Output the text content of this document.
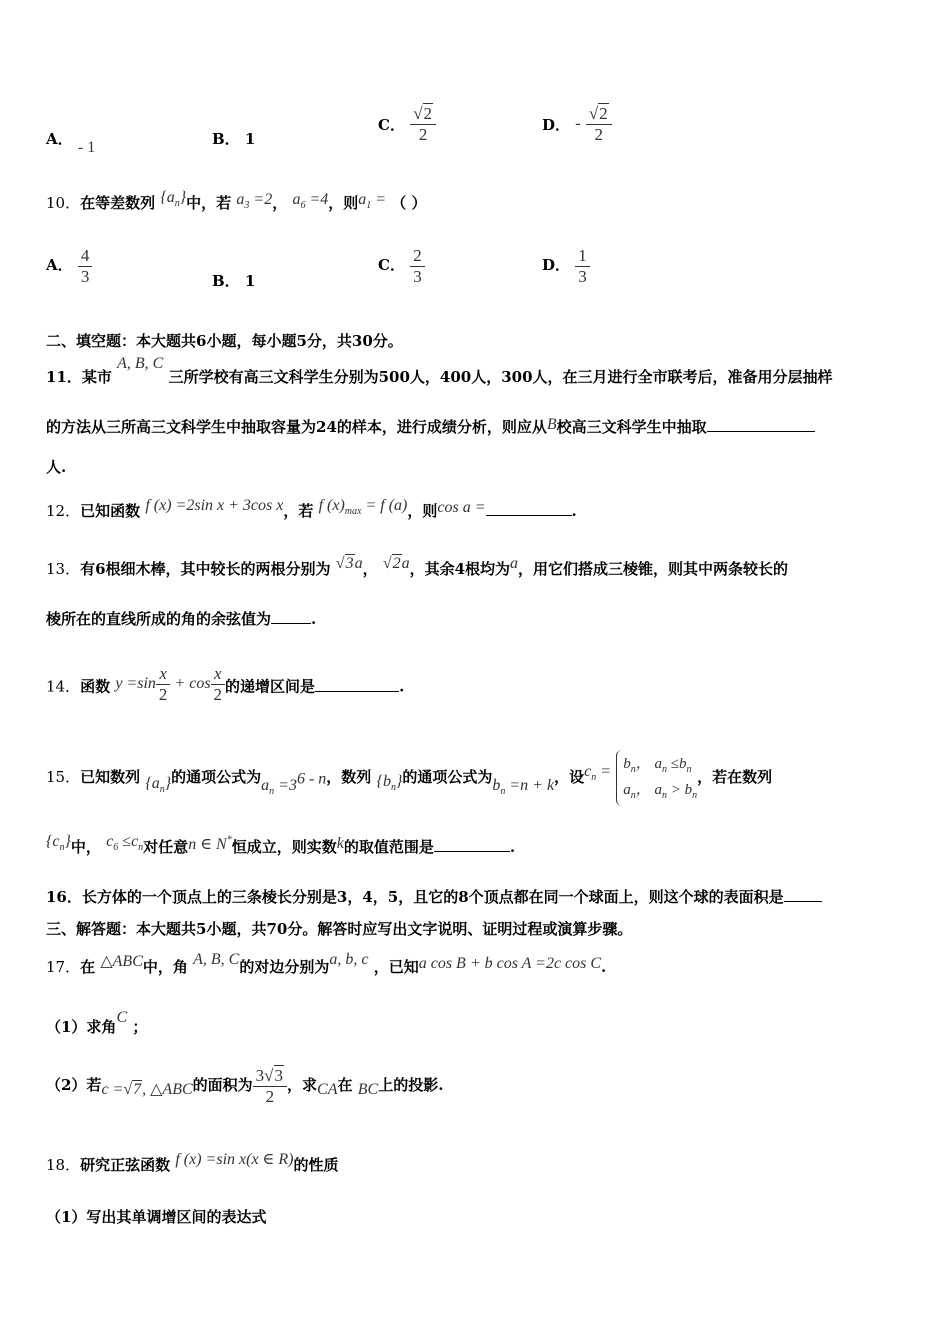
A． - 1	B． 1
C． $\frac{√2}{2}$	D． - $\frac{√2}{2}$
10．在等差数列 $\{a_n\}$中，若 $a_3 =2$， $a_6 =4$，则$a_1$ = （ ）
A． $\frac{4}{3}$	B． 1
C． $\frac{2}{3}$	D． $\frac{1}{3}$
二、填空题：本大题共6小题，每小题5分，共30分。
11．某市 A, B, C 三所学校有高三文科学生分别为500人，400人，300人，在三月进行全市联考后，准备用分层抽样
的方法从三所高三文科学生中抽取容量为24的样本，进行成绩分析，则应从B校高三文科学生中抽取
人.
12．已知函数 f (x) =2sin x + 3cos x，若 f $(x)_{max} = f$ (a)，则cos a =	.
13．有6根细木棒，其中较长的两根分别为 √3a， √2a，其余4根均为a，用它们搭成三棱锥，则其中两条较长的
棱所在的直线所成的角的余弦值为	.
14．函数 $y =\sin \frac{x}{2} + \cos \frac{x}{2}$ 的递增区间是	.
15．已知数列 $\{a_n\}$的通项公式为$a_n =3^{6 - n}$，数列 $\{b_n\}$的通项公式为$b_n =n + k$，设$c_n = b_n$， $a_n \le b_n$
$a_n$， $a_n > b_n$
，若在数列
$\{c_n\}$中， $c_6 \le c_n$对任意n ∈ N*恒成立，则实数k的取值范围是	.
16．长方体的一个顶点上的三条棱长分别是3，4，5，且它的8个顶点都在同一个球面上，则这个球的表面积是
三、解答题：本大题共5小题，共70分。解答时应写出文字说明、证明过程或演算步骤。
17．在 △ABC中，角 A, B, C的对边分别为a, b, c ，已知a cos B + b cos A =2c cos C.
（1）求角C ；
（2）若c =√7, △ABC的面积为 $\frac{3√3}{2}$ ，求CA在 BC上的投影.
18．研究正弦函数 f (x) =sin x(x ∈ R)的性质
（1）写出其单调增区间的表达式
